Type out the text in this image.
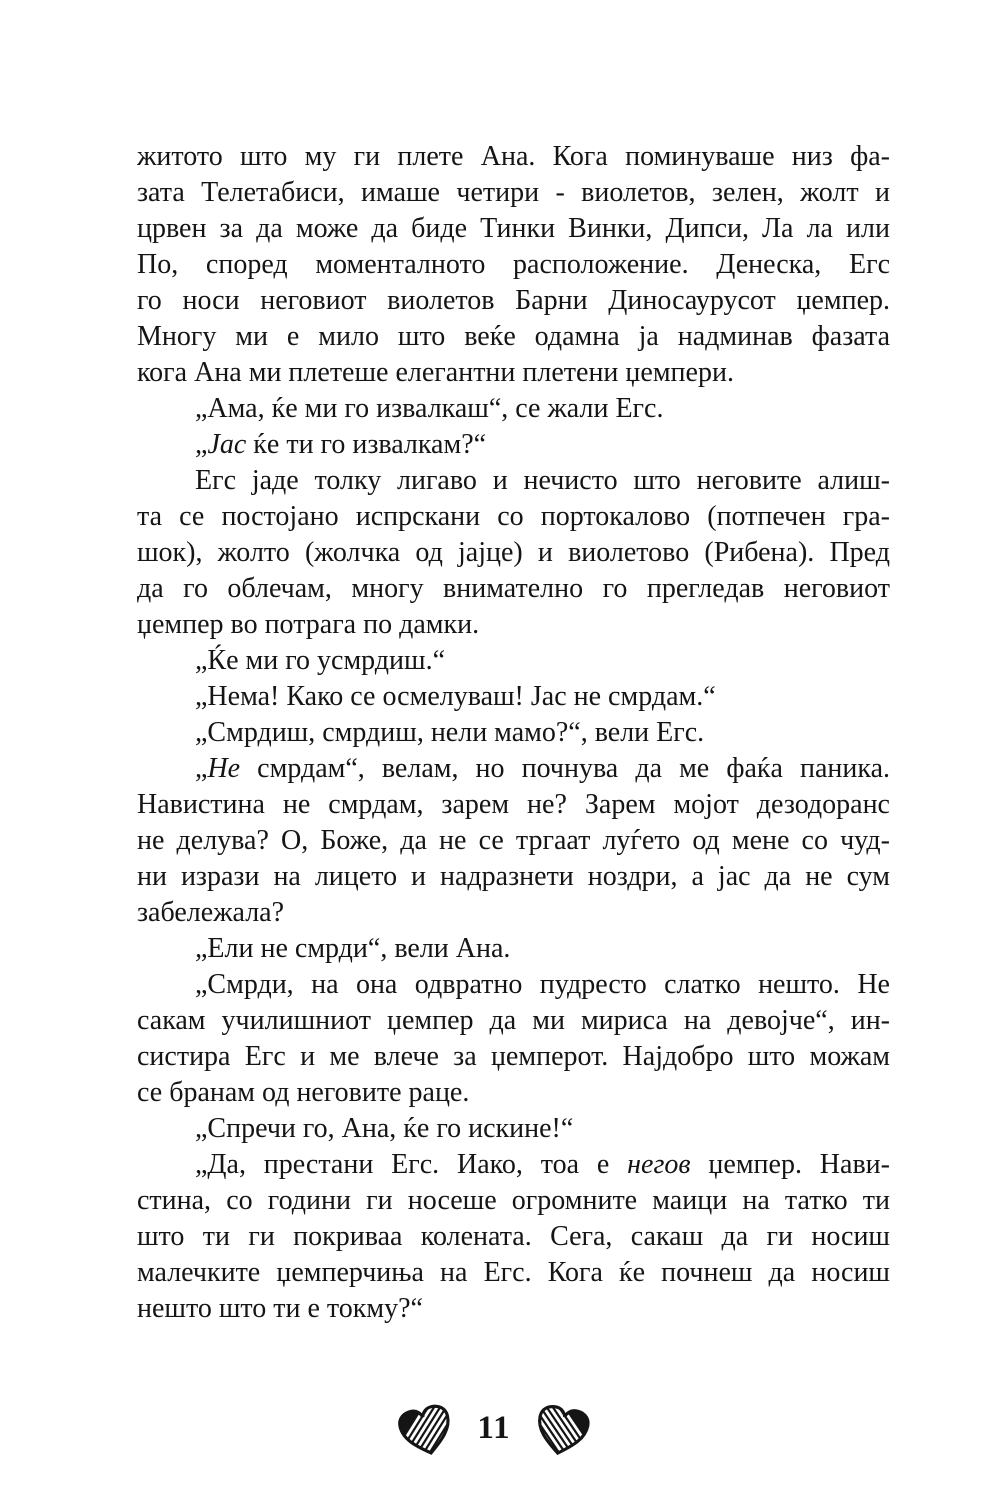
житото што му ги плете Ана. Кога поминуваше низ фа-
зата Телетабиси, имаше четири - виолетов, зелен, жолт и
црвен за да може да биде Тинки Винки, Дипси, Ла ла или
По, според моменталното расположение. Денеска, Егс
го носи неговиот виолетов Барни Диносаурусот џемпер.
Многу ми е мило што веќе одамна ја надминав фазата
кога Ана ми плетеше елегантни плетени џемпери.
„Ама, ќе ми го извалкаш“, се жали Егс.
„Јас ќе ти го извалкам?“
Егс јаде толку лигаво и нечисто што неговите алиш-
та се постојано испрскани со портокалово (потпечен гра-
шок), жолто (жолчка од јајце) и виолетово (Рибена). Пред
да го облечам, многу внимателно го прегледав неговиот
џемпер во потрага по дамки.
„Ќе ми го усмрдиш.“
„Нема! Како се осмелуваш! Јас не смрдам.“
„Смрдиш, смрдиш, нели мамо?“, вели Егс.
„Не смрдам“, велам, но почнува да ме фаќа паника.
Навистина не смрдам, зарем не? Зарем мојот дезодоранс
не делува? О, Боже, да не се тргаат луѓето од мене со чуд-
ни изрази на лицето и надразнети ноздри, а јас да не сум
забележала?
„Ели не смрди“, вели Ана.
„Смрди, на она одвратно пудресто слатко нешто. Не
сакам училишниот џемпер да ми мириса на девојче“, ин-
систира Егс и ме влече за џемперот. Најдобро што можам
се бранам од неговите раце.
„Спречи го, Ана, ќе го искине!“
„Да, престани Егс. Иако, тоа е негов џемпер. Нави-
стина, со години ги носеше огромните маици на татко ти
што ти ги покриваа колената. Сега, сакаш да ги носиш
малечките џемперчиња на Егс. Кога ќе почнеш да носиш
нешто што ти е токму?“
11
